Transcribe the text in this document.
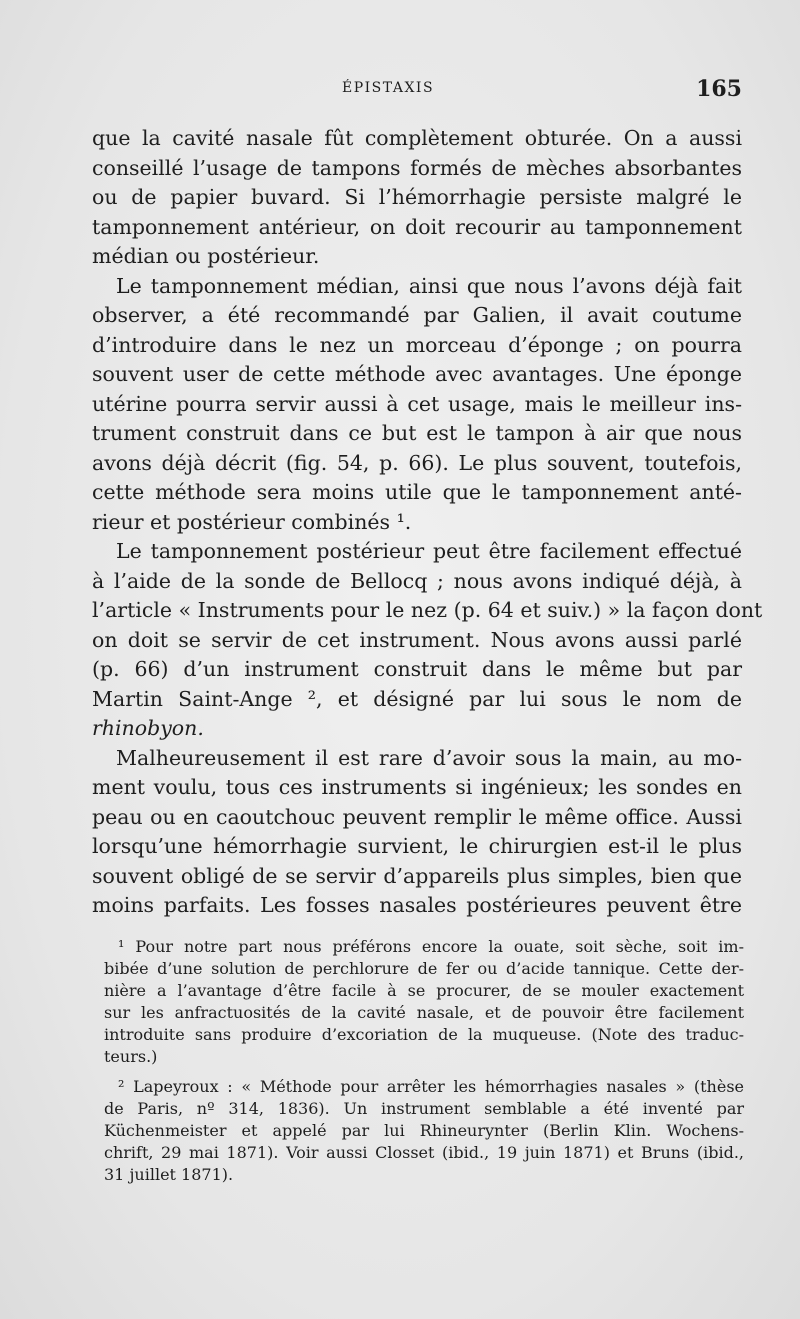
ÉPISTAXIS	165
que la cavité nasale fût complètement obturée. On a aussi
conseillé l’usage de tampons formés de mèches absorbantes
ou de papier buvard. Si l’hémorrhagie persiste malgré le
tamponnement antérieur, on doit recourir au tamponnement
médian ou postérieur.
Le tamponnement médian, ainsi que nous l’avons déjà fait
observer, a été recommandé par Galien, il avait coutume
d’introduire dans le nez un morceau d’éponge ; on pourra
souvent user de cette méthode avec avantages. Une éponge
utérine pourra servir aussi à cet usage, mais le meilleur ins-
trument construit dans ce but est le tampon à air que nous
avons déjà décrit (fig. 54, p. 66). Le plus souvent, toutefois,
cette méthode sera moins utile que le tamponnement anté-
rieur et postérieur combinés ¹.
Le tamponnement postérieur peut être facilement effectué
à l’aide de la sonde de Bellocq ; nous avons indiqué déjà, à
l’article « Instruments pour le nez (p. 64 et suiv.) » la façon dont
on doit se servir de cet instrument. Nous avons aussi parlé
(p. 66) d’un instrument construit dans le même but par
Martin Saint-Ange ², et désigné par lui sous le nom de
rhinobyon.
Malheureusement il est rare d’avoir sous la main, au mo-
ment voulu, tous ces instruments si ingénieux; les sondes en
peau ou en caoutchouc peuvent remplir le même office. Aussi
lorsqu’une hémorrhagie survient, le chirurgien est-il le plus
souvent obligé de se servir d’appareils plus simples, bien que
moins parfaits. Les fosses nasales postérieures peuvent être
¹ Pour notre part nous préférons encore la ouate, soit sèche, soit im-
bibée d’une solution de perchlorure de fer ou d’acide tannique. Cette der-
nière a l’avantage d’être facile à se procurer, de se mouler exactement
sur les anfractuosités de la cavité nasale, et de pouvoir être facilement
introduite sans produire d’excoriation de la muqueuse. (Note des traduc-
teurs.)
² Lapeyroux : « Méthode pour arrêter les hémorrhagies nasales » (thèse
de Paris, nº 314, 1836). Un instrument semblable a été inventé par
Küchenmeister et appelé par lui Rhineurynter (Berlin Klin. Wochens-
chrift, 29 mai 1871). Voir aussi Closset (ibid., 19 juin 1871) et Bruns (ibid.,
31 juillet 1871).
